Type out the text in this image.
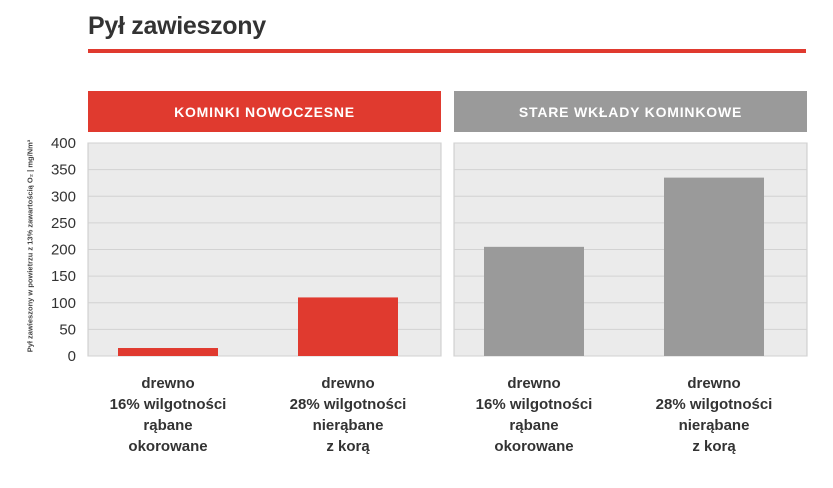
Pył zawieszony
KOMINKI NOWOCZESNE	STARE WKŁADY KOMINKOWE
Pył zawieszony w powietrzu z 13% zawartością O₂ | mg/Nm³
0
50
100
150
200
250
300
350
400
drewno
16% wilgotności
rąbane
okorowane
drewno
28% wilgotności
nierąbane
z korą
drewno
16% wilgotności
rąbane
okorowane
drewno
28% wilgotności
nierąbane
z korą
